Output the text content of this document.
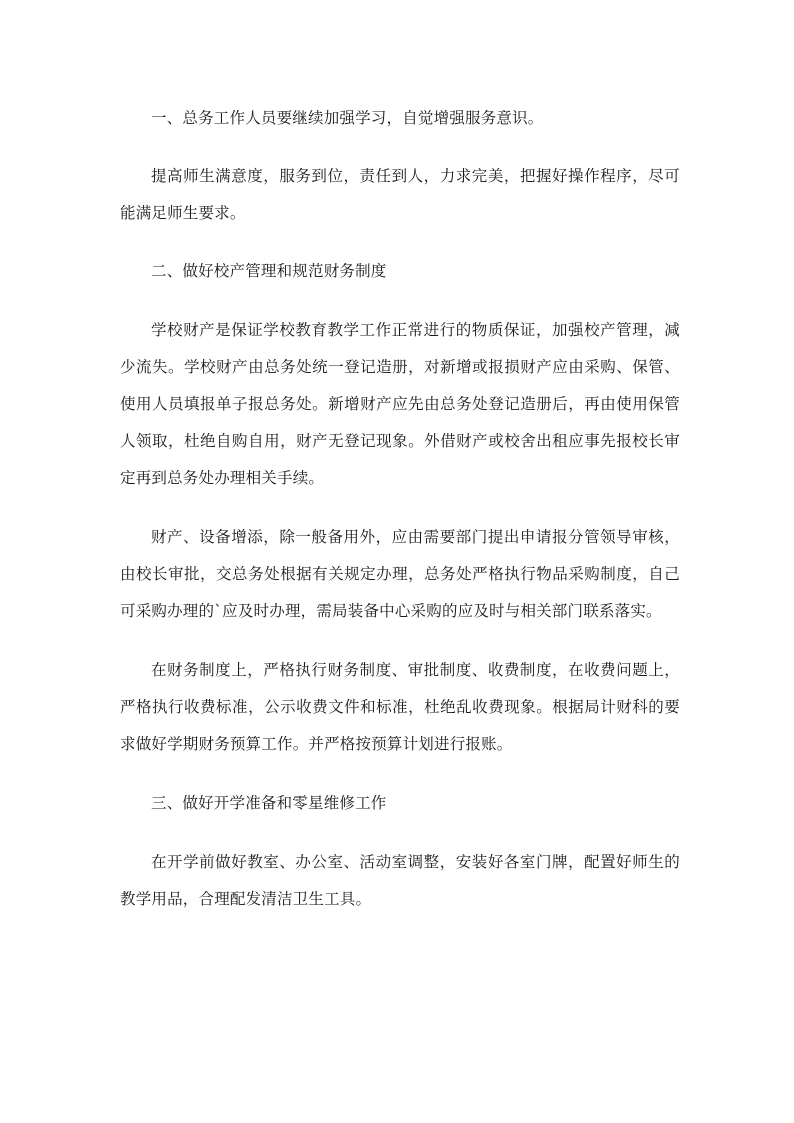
一、总务工作人员要继续加强学习，自觉增强服务意识。

提高师生满意度，服务到位，责任到人，力求完美，把握好操作程序，尽可能满足师生要求。

二、做好校产管理和规范财务制度

学校财产是保证学校教育教学工作正常进行的物质保证，加强校产管理，减少流失。学校财产由总务处统一登记造册，对新增或报损财产应由采购、保管、使用人员填报单子报总务处。新增财产应先由总务处登记造册后，再由使用保管人领取，杜绝自购自用，财产无登记现象。外借财产或校舍出租应事先报校长审定再到总务处办理相关手续。

财产、设备增添，除一般备用外，应由需要部门提出申请报分管领导审核，由校长审批，交总务处根据有关规定办理，总务处严格执行物品采购制度，自己可采购办理的`应及时办理，需局装备中心采购的应及时与相关部门联系落实。

在财务制度上，严格执行财务制度、审批制度、收费制度，在收费问题上，严格执行收费标准，公示收费文件和标准，杜绝乱收费现象。根据局计财科的要求做好学期财务预算工作。并严格按预算计划进行报账。

三、做好开学准备和零星维修工作

在开学前做好教室、办公室、活动室调整，安装好各室门牌，配置好师生的教学用品，合理配发清洁卫生工具。
